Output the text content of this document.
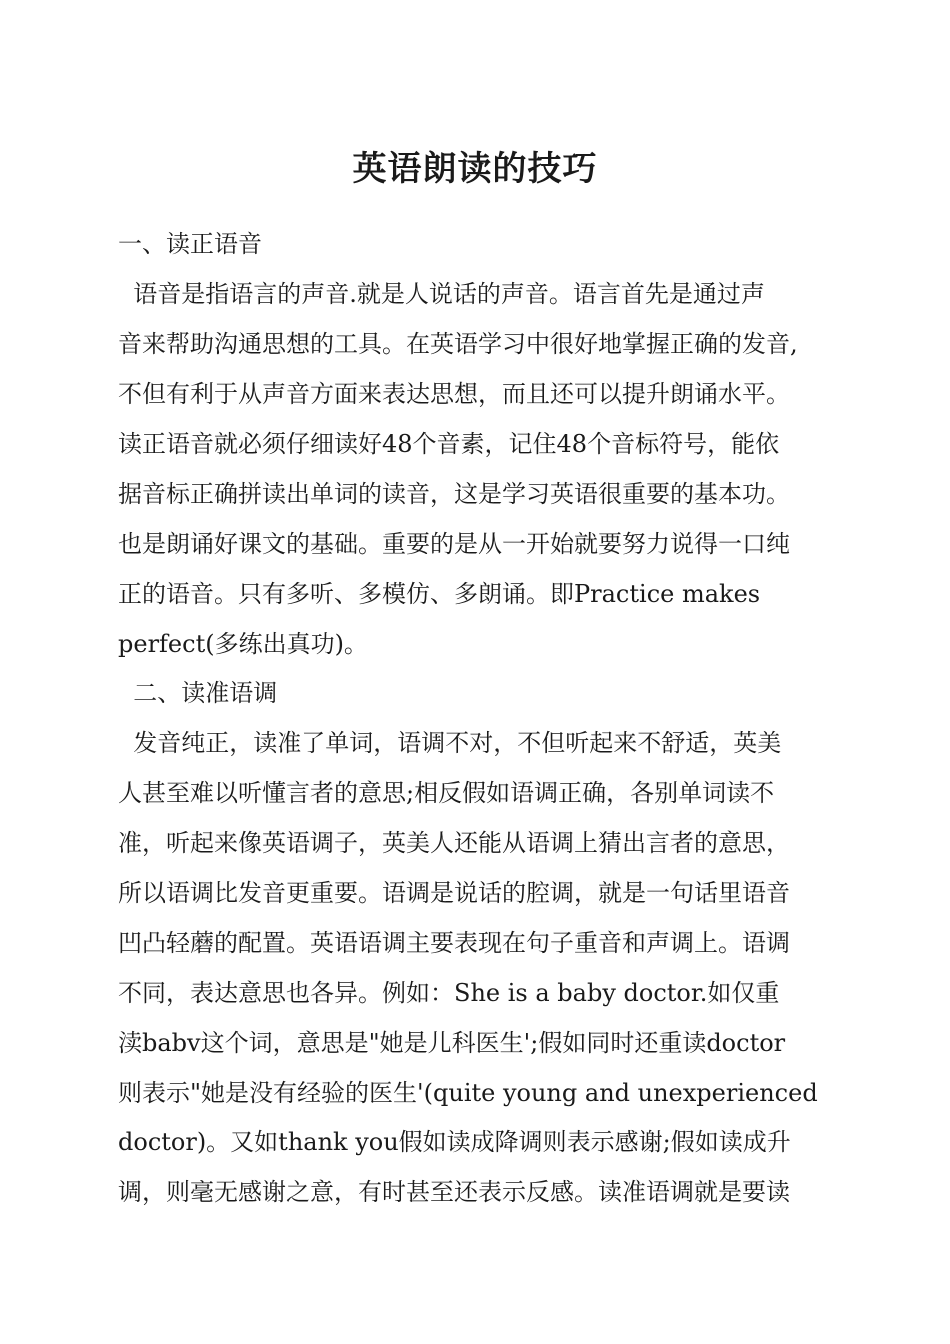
英语朗读的技巧
一、读正语音
语音是指语言的声音.就是人说话的声音。语言首先是通过声
音来帮助沟通思想的工具。在英语学习中很好地掌握正确的发音,
不但有利于从声音方面来表达思想，而且还可以提升朗诵水平。
读正语音就必须仔细读好48个音素，记住48个音标符号，能依
据音标正确拼读出单词的读音，这是学习英语很重要的基本功。
也是朗诵好课文的基础。重要的是从一开始就要努力说得一口纯
正的语音。只有多听、多模仿、多朗诵。即Practice makes
perfect(多练出真功)。
二、读准语调
发音纯正，读准了单词，语调不对，不但听起来不舒适，英美
人甚至难以听懂言者的意思;相反假如语调正确，各别单词读不
准，听起来像英语调子，英美人还能从语调上猜出言者的意思，
所以语调比发音更重要。语调是说话的腔调，就是一句话里语音
凹凸轻蘑的配置。英语语调主要表现在句子重音和声调上。语调
不同，表达意思也各异。例如：She is a baby doctor.如仅重
渎babv这个词，意思是"她是儿科医生';假如同时还重读doctor
则表示"她是没有经验的医生'(quite young and unexperienced
doctor)。又如thank you假如读成降调则表示感谢;假如读成升
调，则毫无感谢之意，有时甚至还表示反感。读准语调就是要读
